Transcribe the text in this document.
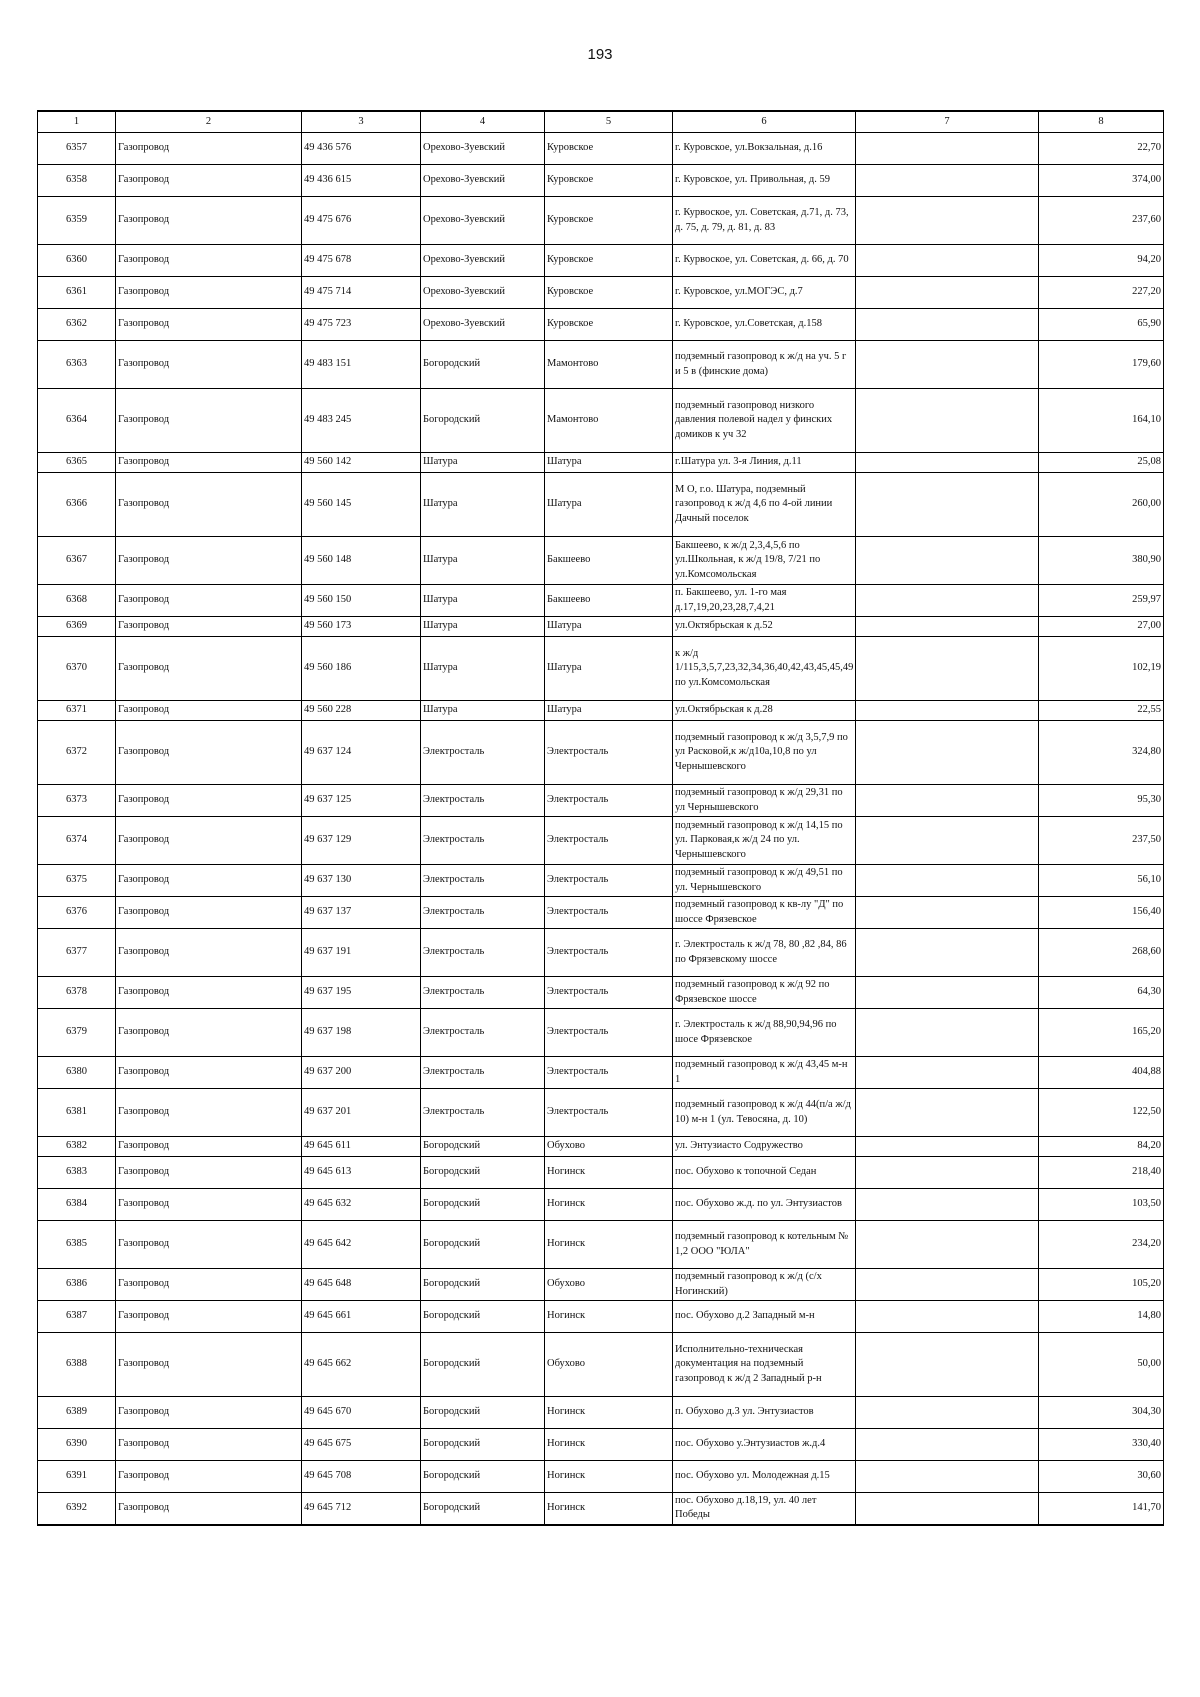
193
1	2	3	4	5	6	7	8
6357	Газопровод	49 436 576	Орехово-Зуевский	Куровское	г. Куровское, ул.Вокзальная, д.16		22,70
6358	Газопровод	49 436 615	Орехово-Зуевский	Куровское	г. Куровское, ул. Привольная, д. 59		374,00
6359	Газопровод	49 475 676	Орехово-Зуевский	Куровское	г. Курвоское, ул. Советская, д.71, д. 73, д. 75, д. 79, д. 81, д. 83		237,60
6360	Газопровод	49 475 678	Орехово-Зуевский	Куровское	г. Курвоское, ул. Советская, д. 66, д. 70		94,20
6361	Газопровод	49 475 714	Орехово-Зуевский	Куровское	г. Куровское, ул.МОГЭС, д.7		227,20
6362	Газопровод	49 475 723	Орехово-Зуевский	Куровское	г. Куровское, ул.Советская, д.158		65,90
6363	Газопровод	49 483 151	Богородский	Мамонтово	подземный газопровод к ж/д на уч. 5 г и 5 в (финские дома)		179,60
6364	Газопровод	49 483 245	Богородский	Мамонтово	подземный газопровод низкого давления полевой надел у финских домиков к уч 32		164,10
6365	Газопровод	49 560 142	Шатура	Шатура	г.Шатура ул. 3-я Линия, д.11		25,08
6366	Газопровод	49 560 145	Шатура	Шатура	М О, г.о. Шатура, подземный газопровод к ж/д 4,6 по 4-ой линии Дачный поселок		260,00
6367	Газопровод	49 560 148	Шатура	Бакшеево	Бакшеево, к ж/д 2,3,4,5,6 по ул.Школьная, к ж/д 19/8, 7/21 по ул.Комсомольская		380,90
6368	Газопровод	49 560 150	Шатура	Бакшеево	п. Бакшеево, ул. 1-го мая д.17,19,20,23,28,7,4,21		259,97
6369	Газопровод	49 560 173	Шатура	Шатура	ул.Октябрьская к д.52		27,00
6370	Газопровод	49 560 186	Шатура	Шатура	к ж/д 1/115,3,5,7,23,32,34,36,40,42,43,45,45,49 по ул.Комсомольская		102,19
6371	Газопровод	49 560 228	Шатура	Шатура	ул.Октябрьская к д.28		22,55
6372	Газопровод	49 637 124	Электросталь	Электросталь	подземный газопровод к ж/д 3,5,7,9 по ул Расковой,к ж/д10а,10,8 по ул Чернышевского		324,80
6373	Газопровод	49 637 125	Электросталь	Электросталь	подземный газопровод к ж/д 29,31 по ул Чернышевского		95,30
6374	Газопровод	49 637 129	Электросталь	Электросталь	подземный газопровод к ж/д 14,15 по ул. Парковая,к ж/д 24 по ул. Чернышевского		237,50
6375	Газопровод	49 637 130	Электросталь	Электросталь	подземный газопровод к ж/д 49,51 по ул. Чернышевского		56,10
6376	Газопровод	49 637 137	Электросталь	Электросталь	подземный газопровод к кв-лу "Д" по шоссе Фрязевское		156,40
6377	Газопровод	49 637 191	Электросталь	Электросталь	г. Электросталь к ж/д 78, 80 ,82 ,84, 86 по Фрязевскому шоссе		268,60
6378	Газопровод	49 637 195	Электросталь	Электросталь	подземный газопровод к ж/д 92 по Фрязевское шоссе		64,30
6379	Газопровод	49 637 198	Электросталь	Электросталь	г. Электросталь к ж/д 88,90,94,96 по шосе Фрязевское		165,20
6380	Газопровод	49 637 200	Электросталь	Электросталь	подземный газопровод к ж/д 43,45 м-н 1		404,88
6381	Газопровод	49 637 201	Электросталь	Электросталь	подземный газопровод к ж/д 44(п/а ж/д 10) м-н 1 (ул. Тевосяна, д. 10)		122,50
6382	Газопровод	49 645 611	Богородский	Обухово	ул. Энтузиасто Содружество		84,20
6383	Газопровод	49 645 613	Богородский	Ногинск	пос. Обухово к топочной Седан		218,40
6384	Газопровод	49 645 632	Богородский	Ногинск	пос. Обухово ж.д. по ул. Энтузиастов		103,50
6385	Газопровод	49 645 642	Богородский	Ногинск	подземный газопровод к котельным № 1,2 ООО "ЮЛА"		234,20
6386	Газопровод	49 645 648	Богородский	Обухово	подземный газопровод к ж/д (с/х Ногинский)		105,20
6387	Газопровод	49 645 661	Богородский	Ногинск	пос. Обухово д.2 Западный м-н		14,80
6388	Газопровод	49 645 662	Богородский	Обухово	Исполнительно-техническая документация на подземный газопровод к ж/д 2 Западный р-н		50,00
6389	Газопровод	49 645 670	Богородский	Ногинск	п. Обухово д.3 ул. Энтузиастов		304,30
6390	Газопровод	49 645 675	Богородский	Ногинск	пос. Обухово у.Энтузиастов ж.д.4		330,40
6391	Газопровод	49 645 708	Богородский	Ногинск	пос. Обухово ул. Молодежная д.15		30,60
6392	Газопровод	49 645 712	Богородский	Ногинск	пос. Обухово д.18,19, ул. 40 лет Победы		141,70
